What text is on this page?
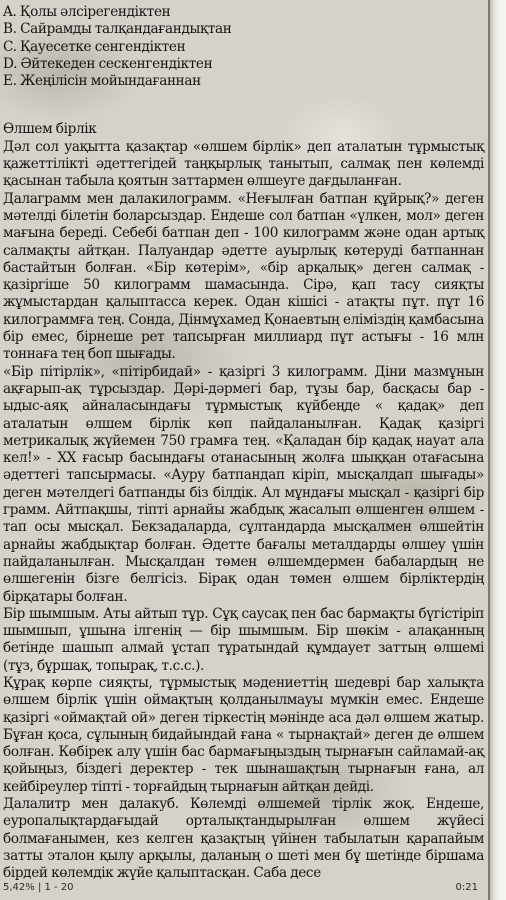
A. Қолы әлсірегендіктен
B. Сайрамды талқандағандықтан
C. Қауесетке сенгендіктен
D. Әйтекеден сескенгендіктен
E. Жеңілісін мойындағаннан

Өлшем бірлік

Дәл сол уақытта қазақтар «өлшем бірлік» деп аталатын тұрмыстық қажеттілікті әдеттегідей таңқырлық танытып, салмақ пен көлемді қасынан табыла қоятын заттармен өлшеуге дағдыланған.

Далаграмм мен далакилограмм. «Неғылған батпан құйрық?» деген мәтелді білетін боларсыздар. Ендеше сол батпан «үлкен, мол» деген мағына береді. Себебі батпан деп - 100 килограмм және одан артық салмақты айтқан. Палуандар әдетте ауырлық көтеруді батпаннан бастайтын болған. «Бір көтерім», «бір арқалық» деген салмақ - қазіргіше 50 килограмм шамасында. Сірә, қап тасу сияқты жұмыстардан қалыптасса керек. Одан кішісі - атақты пұт. пұт 16 килограммға тең. Сонда, Дінмұхамед Қонаевтың еліміздің қамбасына бір емес, бірнеше рет тапсырған миллиард пұт астығы - 16 млн тоннаға тең боп шығады.

«Бір пітірлік», «пітірбидай» - қазіргі 3 килограмм. Діни мазмұнын ақғарып-ақ тұрсыздар. Дәрі-дәрмегі бар, тұзы бар, басқасы бар - ыдыс-аяқ айналасындағы тұрмыстық күйбеңде « қадақ» деп аталатын өлшем бірлік көп пайдаланылған. Қадақ қазіргі метрикалық жүйемен 750 грамға тең. «Қаладан бір қадақ науат ала кел!» - XX ғасыр басындағы отанасының жолға шыққан отағасына әдеттегі тапсырмасы. «Ауру батпандап кіріп, мысқалдап шығады» деген мәтелдегі батпанды біз білдік. Ал мұндағы мысқал - қазіргі бір грамм. Айтпақшы, тіпті арнайы жабдық жасалып өлшенген өлшем - тап осы мысқал. Бекзадаларда, сұлтандарда мысқалмен өлшейтін арнайы жабдықтар болған. Әдетте бағалы металдарды өлшеу үшін пайдаланылған. Мысқалдан төмен өлшемдермен бабалардың не өлшегенін бізге белгісіз. Бірақ одан төмен өлшем бірліктердің бірқатары болған.

Бір шымшым. Аты айтып тұр. Сұқ саусақ пен бас бармақты бүгістіріп шымшып, ұшына ілгенің — бір шымшым. Бір шөкім - алақанның бетінде шашып алмай ұстап тұратындай құмдаует заттың өлшемі (тұз, бұршақ, топырақ, т.с.с.).

Құрақ көрпе сияқты, тұрмыстық мәдениеттің шедеврі бар халықта өлшем бірлік үшін оймақтың қолданылмауы мүмкін емес. Ендеше қазіргі «оймақтай ой» деген тіркестің мәнінде аса дәл өлшем жатыр. Бұған қоса, сұлының бидайындай ғана « тырнақтай» деген де өлшем болған. Көбірек алу үшін бас бармағыңыздың тырнағын сайламай-ақ қойыңыз, біздегі деректер - тек шынашақтың тырнағын ғана, ал кейбіреулер тіпті - торғайдың тырнағын айтқан дейді.

Далалитр мен далакуб. Көлемді өлшемей тірлік жоқ. Ендеше, еуропалықтардағыдай орталықтандырылған өлшем жүйесі болмағанымен, кез келген қазақтың үйінен табылатын қарапайым затты эталон қылу арқылы, даланың о шеті мен бұ шетінде біршама бірдей көлемдік жүйе қалыптасқан. Саба десе

5,42% | 1 - 20	0:21
